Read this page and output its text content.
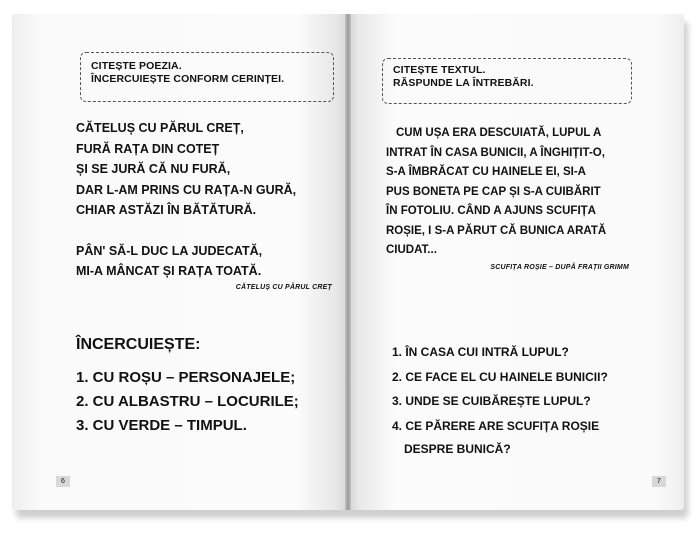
CITEȘTE POEZIA.
ÎNCERCUIEȘTE CONFORM CERINȚEI.
CĂTELUȘ CU PĂRUL CREȚ,
FURĂ RAȚA DIN COTEȚ
ȘI SE JURĂ CĂ NU FURĂ,
DAR L-AM PRINS CU RAȚA-N GURĂ,
CHIAR ASTĂZI ÎN BĂTĂTURĂ.
PÂN' SĂ-L DUC LA JUDECATĂ,
MI-A MÂNCAT ȘI RAȚA TOATĂ.
CĂTELUȘ CU PĂRUL CREȚ
ÎNCERCUIEȘTE:
1. CU ROȘU – PERSONAJELE;
2. CU ALBASTRU – LOCURILE;
3. CU VERDE – TIMPUL.
6
CITEȘTE TEXTUL.
RĂSPUNDE LA ÎNTREBĂRI.
CUM UȘA ERA DESCUIATĂ, LUPUL A
INTRAT ÎN CASA BUNICII, A ÎNGHIȚIT-O,
S-A ÎMBRĂCAT CU HAINELE EI, SI-A
PUS BONETA PE CAP ȘI S-A CUIBĂRIT
ÎN FOTOLIU. CÂND A AJUNS SCUFIȚA
ROȘIE, I S-A PĂRUT CĂ BUNICA ARATĂ
CIUDAT...
SCUFIȚA ROȘIE – DUPĂ FRAȚII GRIMM
1. ÎN CASA CUI INTRĂ LUPUL?
2. CE FACE EL CU HAINELE BUNICII?
3. UNDE SE CUIBĂREȘTE LUPUL?
4. CE PĂRERE ARE SCUFIȚA ROȘIE
DESPRE BUNICĂ?
7
